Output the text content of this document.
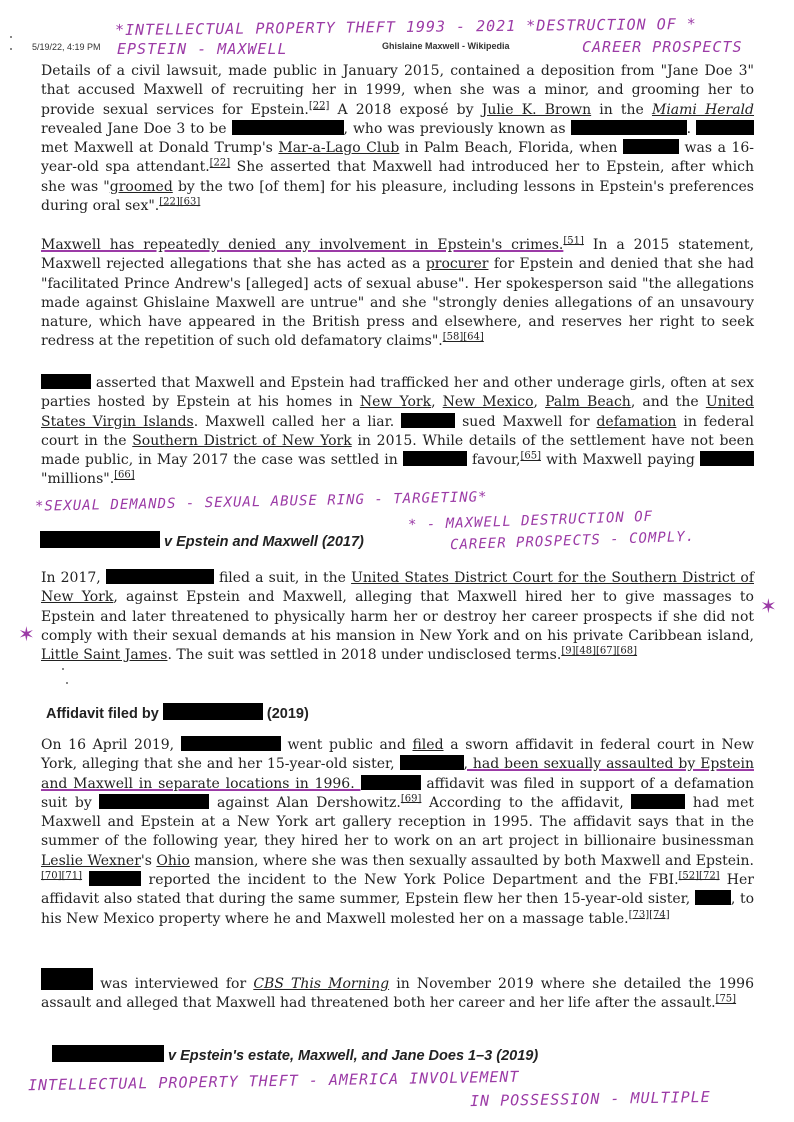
*INTELLECTUAL PROPERTY THEFT 1993 - 2021 *DESTRUCTION OF *
EPSTEIN - MAXWELL	CAREER PROSPECTS
5/19/22, 4:19 PM	Ghislaine Maxwell - Wikipedia
Details of a civil lawsuit, made public in January 2015, contained a deposition from "Jane Doe 3" that accused Maxwell of recruiting her in 1999, when she was a minor, and grooming her to provide sexual services for Epstein.[22] A 2018 exposé by Julie K. Brown in the Miami Herald revealed Jane Doe 3 to be	, who was previously known as	.  met Maxwell at Donald Trump's Mar-a-Lago Club in Palm Beach, Florida, when	was a 16-year-old spa attendant.[22] She asserted that Maxwell had introduced her to Epstein, after which she was "groomed by the two [of them] for his pleasure, including lessons in Epstein's preferences during oral sex".[22][63]
Maxwell has repeatedly denied any involvement in Epstein's crimes.[51] In a 2015 statement, Maxwell rejected allegations that she has acted as a procurer for Epstein and denied that she had "facilitated Prince Andrew's [alleged] acts of sexual abuse". Her spokesperson said "the allegations made against Ghislaine Maxwell are untrue" and she "strongly denies allegations of an unsavoury nature, which have appeared in the British press and elsewhere, and reserves her right to seek redress at the repetition of such old defamatory claims".[58][64]
asserted that Maxwell and Epstein had trafficked her and other underage girls, often at sex parties hosted by Epstein at his homes in New York, New Mexico, Palm Beach, and the United States Virgin Islands. Maxwell called her a liar.	sued Maxwell for defamation in federal court in the Southern District of New York in 2015. While details of the settlement have not been made public, in May 2017 the case was settled in	favour,[65] with Maxwell paying  "millions".[66]
*SEXUAL DEMANDS - SEXUAL ABUSE RING - TARGETING*
v Epstein and Maxwell (2017)
* - MAXWELL DESTRUCTION OF
CAREER PROSPECTS - COMPLY.
In 2017,	filed a suit, in the United States District Court for the Southern District of New York, against Epstein and Maxwell, alleging that Maxwell hired her to give massages to Epstein and later threatened to physically harm her or destroy her career prospects if she did not comply with their sexual demands at his mansion in New York and on his private Caribbean island, Little Saint James. The suit was settled in 2018 under undisclosed terms.[9][48][67][68]
Affidavit filed by	(2019)
On 16 April 2019,	went public and filed a sworn affidavit in federal court in New York, alleging that she and her 15-year-old sister,	, had been sexually assaulted by Epstein and Maxwell in separate locations in 1996.	affidavit was filed in support of a defamation suit by	against Alan Dershowitz.[69] According to the affidavit,	had met Maxwell and Epstein at a New York art gallery reception in 1995. The affidavit says that in the summer of the following year, they hired her to work on an art project in billionaire businessman Leslie Wexner's Ohio mansion, where she was then sexually assaulted by both Maxwell and Epstein.[70][71]	reported the incident to the New York Police Department and the FBI.[52][72] Her affidavit also stated that during the same summer, Epstein flew her then 15-year-old sister,	, to his New Mexico property where he and Maxwell molested her on a massage table.[73][74]
was interviewed for CBS This Morning in November 2019 where she detailed the 1996 assault and alleged that Maxwell had threatened both her career and her life after the assault.[75]
v Epstein's estate, Maxwell, and Jane Does 1–3 (2019)
INTELLECTUAL PROPERTY THEFT - AMERICA INVOLVEMENT
IN POSSESSION - MULTIPLE
✶
✶
